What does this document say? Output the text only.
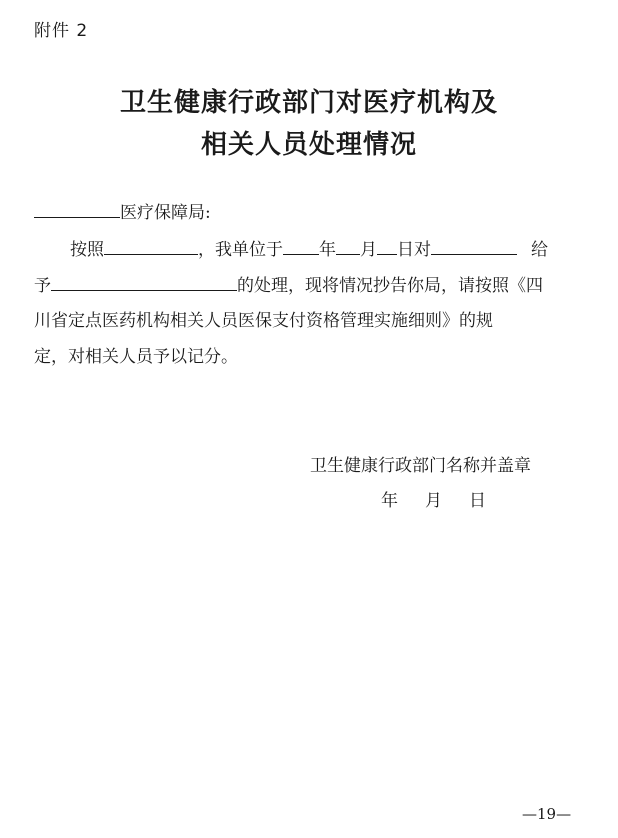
附件 2
卫生健康行政部门对医疗机构及
相关人员处理情况
医疗保障局:
按照	，我单位于 年 月 日对	给
予	的处理，现将情况抄告你局，请按照《四
川省定点医药机构相关人员医保支付资格管理实施细则》的规
定，对相关人员予以记分。
卫生健康行政部门名称并盖章
年     月     日
—19—
